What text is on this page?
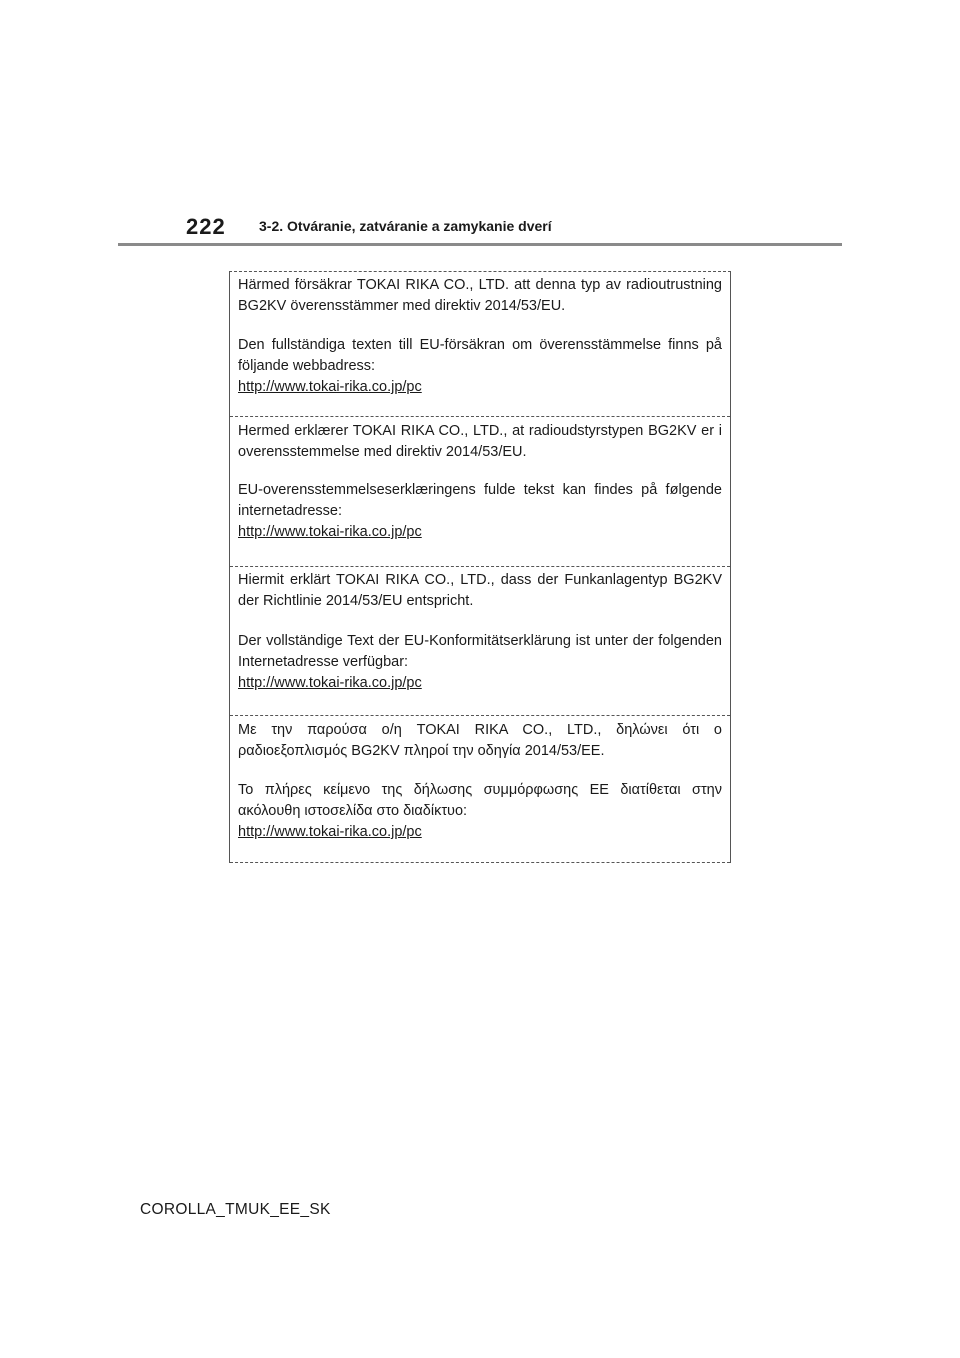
222 3-2. Otváranie, zatváranie a zamykanie dverí

Härmed försäkrar TOKAI RIKA CO., LTD. att denna typ av radioutrustning BG2KV överensstämmer med direktiv 2014/53/EU.

Den fullständiga texten till EU-försäkran om överensstämmelse finns på följande webbadress:

http://www.tokai-rika.co.jp/pc

Hermed erklærer TOKAI RIKA CO., LTD., at radioudstyrstypen BG2KV er i overensstemmelse med direktiv 2014/53/EU.

EU-overensstemmelseserklæringens fulde tekst kan findes på følgende internetadresse:

http://www.tokai-rika.co.jp/pc

Hiermit erklärt TOKAI RIKA CO., LTD., dass der Funkanlagentyp BG2KV der Richtlinie 2014/53/EU entspricht.

Der vollständige Text der EU-Konformitätserklärung ist unter der folgenden Internetadresse verfügbar:

http://www.tokai-rika.co.jp/pc

Με την παρούσα ο/η TOKAI RIKA CO., LTD., δηλώνει ότι ο ραδιοεξοπλισμός BG2KV πληροί την οδηγία 2014/53/ΕΕ.

Το πλήρες κείμενο της δήλωσης συμμόρφωσης ΕΕ διατίθεται στην ακόλουθη ιστοσελίδα στο διαδίκτυο:

http://www.tokai-rika.co.jp/pc
COROLLA_TMUK_EE_SK
